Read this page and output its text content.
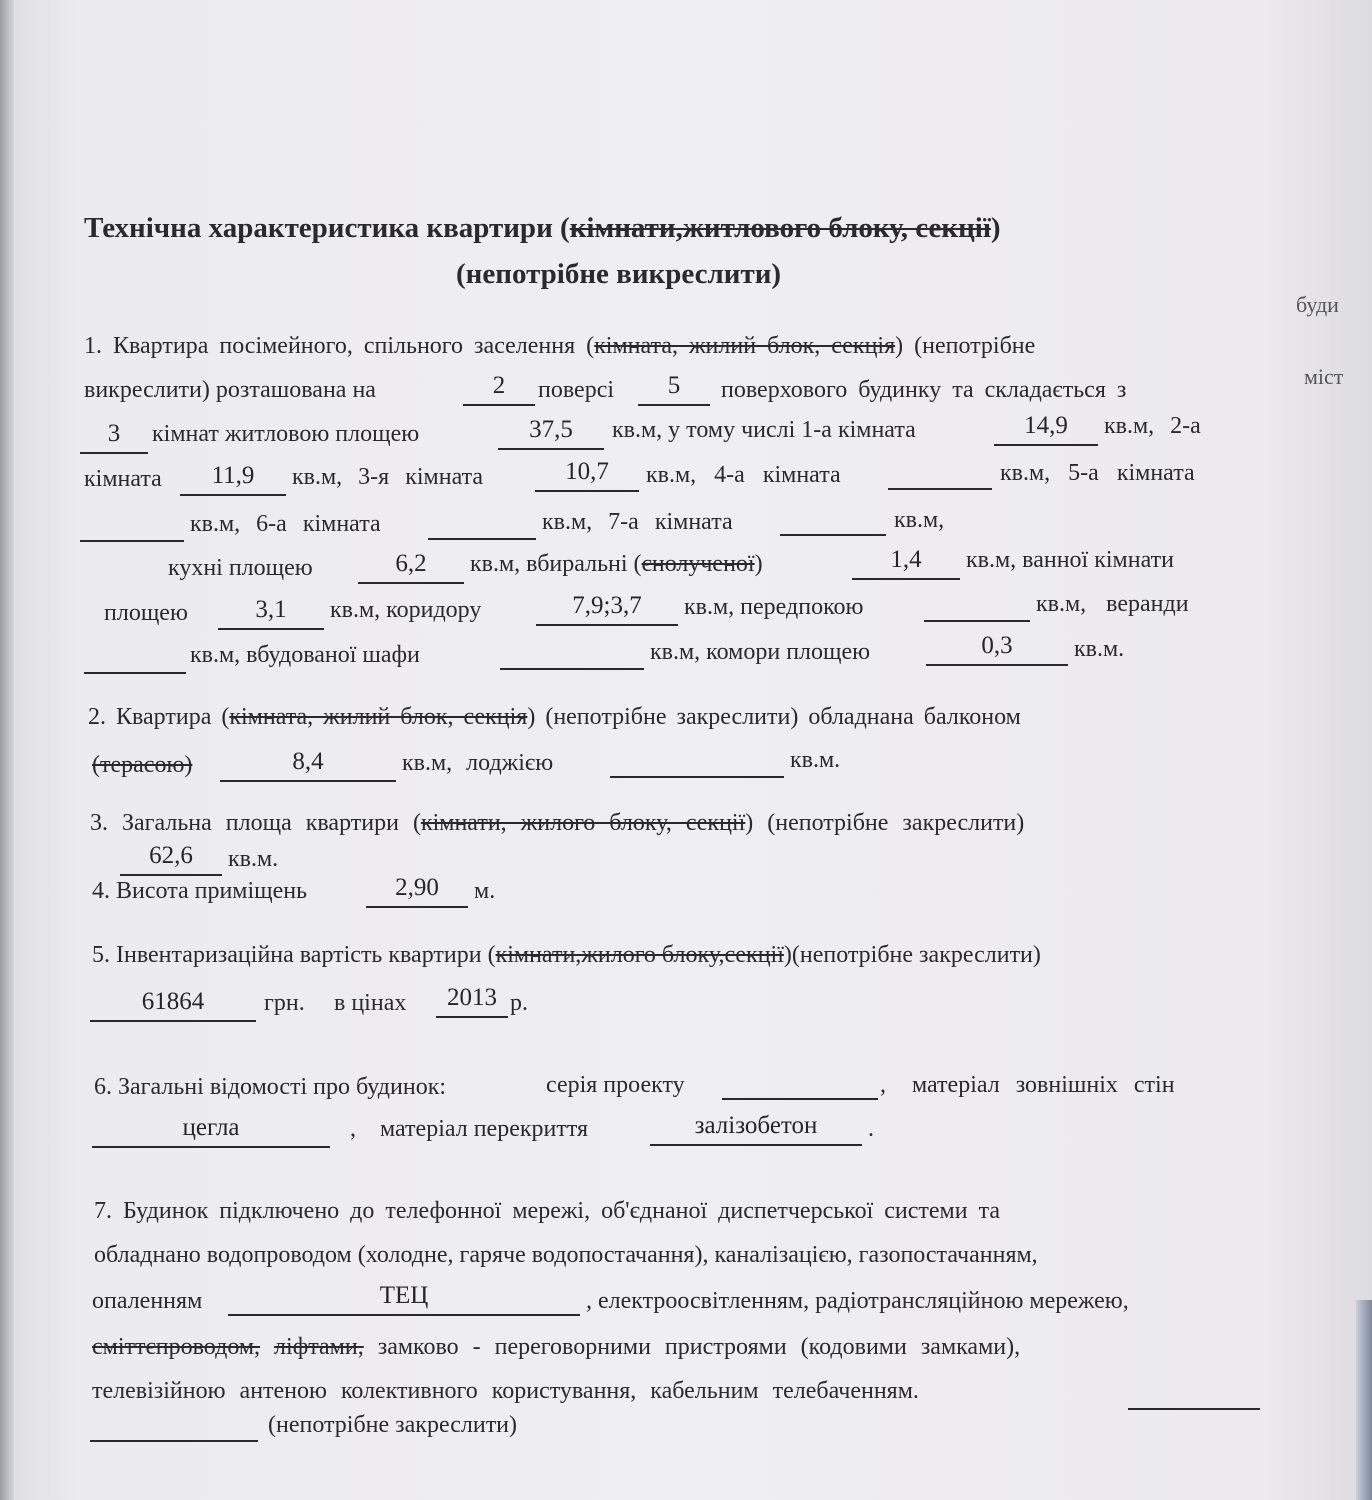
Технічна характеристика квартири (кімнати,житлового блоку, секції)
(непотрібне викреслити)
буди
міст
1. Квартира посімейного, спільного заселення (кімната, жилий блок, секція) (непотрібне
викреслити) розташована на	2	поверсі	5	поверхового будинку та складається з
3	кімнат житловою площею	37,5	кв.м, у тому числі 1-а кімната	14,9	кв.м, 2-а
кімната	11,9	кв.м, 3-я кімната	10,7	кв.м, 4-а кімната	кв.м, 5-а кімната
кв.м, 6-а кімната	кв.м, 7-а кімната	кв.м,
кухні площею	6,2	кв.м, вбиральні (єнолученої)	1,4	кв.м, ванної кімнати
площею	3,1	кв.м, коридору	7,9;3,7	кв.м, передпокою	кв.м, веранди
кв.м, вбудованої шафи	кв.м, комори площею	0,3	кв.м.
2. Квартира (кімната, жилий блок, секція) (непотрібне закреслити) обладнана балконом
(терасою)	8,4	кв.м, лоджією	кв.м.
3. Загальна площа квартири (кімнати, жилого блоку, секції) (непотрібне закреслити)
62,6	кв.м.
4. Висота приміщень	2,90	м.
5. Інвентаризаційна вартість квартири (кімнати,жилого блоку,секції)(непотрібне закреслити)
61864	грн. в цінах	2013 р.
6. Загальні відомості про будинок:	серія проекту	, матеріал зовнішніх стін
цегла	, матеріал перекриття	залізобетон	.
7. Будинок підключено до телефонної мережі, об'єднаної диспетчерської системи та
обладнано водопроводом (холодне, гаряче водопостачання), каналізацією, газопостачанням,
опаленням	ТЕЦ	, електроосвітленням, радіотрансляційною мережею,
сміттєпроводом, ліфтами, замково - переговорними пристроями (кодовими замками),
телевізійною антеною колективного користування, кабельним телебаченням.
(непотрібне закреслити)
